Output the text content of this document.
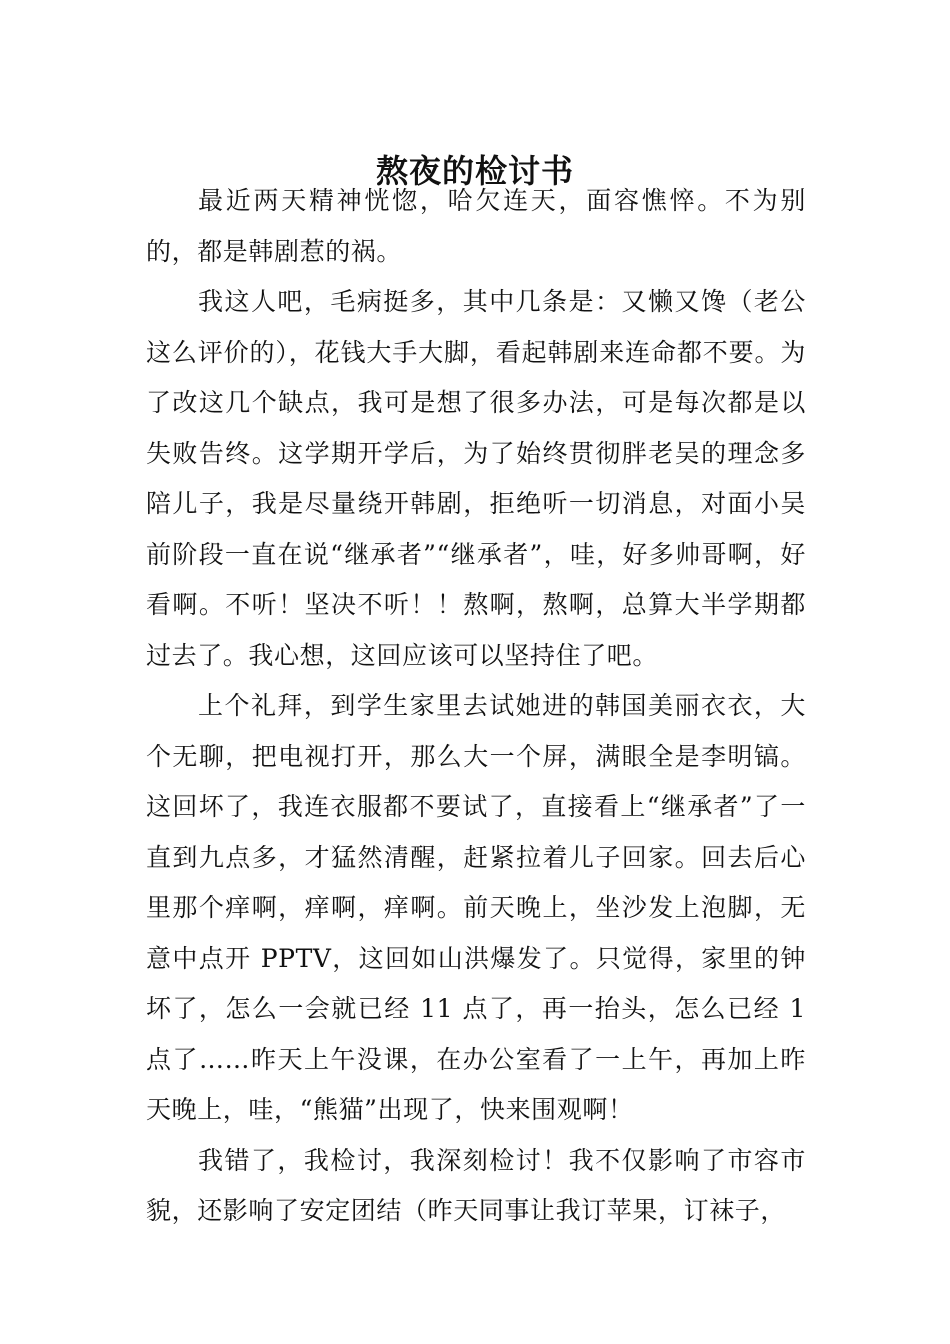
熬夜的检讨书

最近两天精神恍惚，哈欠连天，面容憔悴。不为别的，都是韩剧惹的祸。

我这人吧，毛病挺多，其中几条是：又懒又馋（老公这么评价的），花钱大手大脚，看起韩剧来连命都不要。为了改这几个缺点，我可是想了很多办法，可是每次都是以失败告终。这学期开学后，为了始终贯彻胖老吴的理念多陪儿子，我是尽量绕开韩剧，拒绝听一切消息，对面小吴前阶段一直在说“继承者”“继承者”，哇，好多帅哥啊，好看啊。不听！坚决不听！！熬啊，熬啊，总算大半学期都过去了。我心想，这回应该可以坚持住了吧。

上个礼拜，到学生家里去试她进的韩国美丽衣衣，大个无聊，把电视打开，那么大一个屏，满眼全是李明镐。这回坏了，我连衣服都不要试了，直接看上“继承者”了一直到九点多，才猛然清醒，赶紧拉着儿子回家。回去后心里那个痒啊，痒啊，痒啊。前天晚上，坐沙发上泡脚，无意中点开 PPTV，这回如山洪爆发了。只觉得，家里的钟坏了，怎么一会就已经 11 点了，再一抬头，怎么已经 1 点了……昨天上午没课，在办公室看了一上午，再加上昨天晚上，哇，“熊猫”出现了，快来围观啊！

我错了，我检讨，我深刻检讨！我不仅影响了市容市貌，还影响了安定团结（昨天同事让我订苹果，订袜子，
